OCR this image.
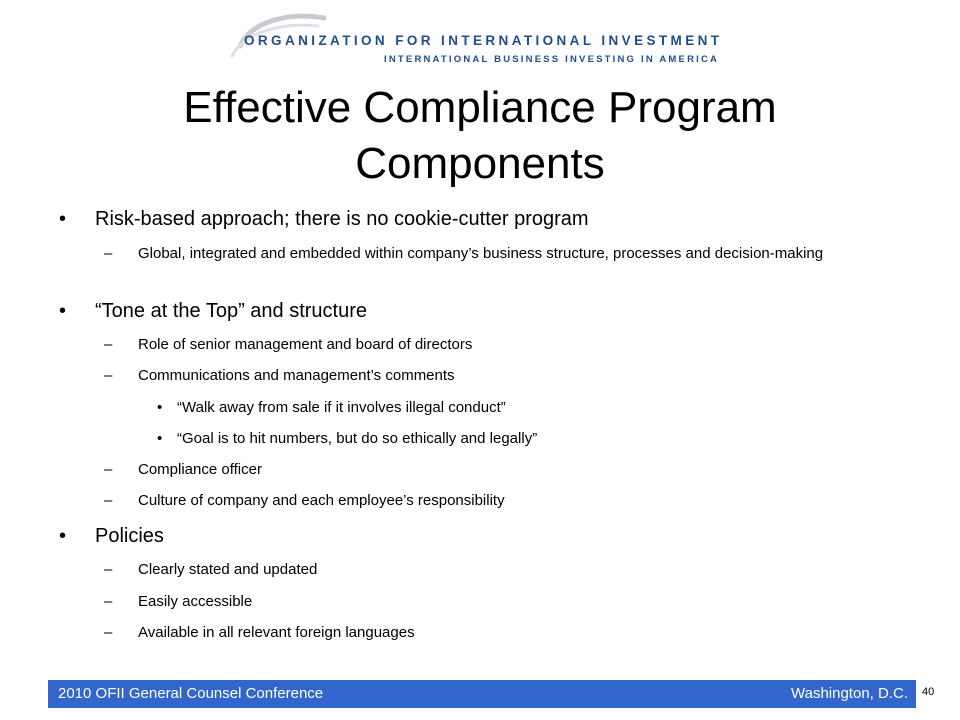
ORGANIZATION FOR INTERNATIONAL INVESTMENT
INTERNATIONAL BUSINESS INVESTING IN AMERICA
Effective Compliance Program
Components
• Risk-based approach; there is no cookie-cutter program
– Global, integrated and embedded within company’s business structure, processes and decision-making
• “Tone at the Top” and structure
– Role of senior management and board of directors
– Communications and management’s comments
• “Walk away from sale if it involves illegal conduct”
• “Goal is to hit numbers, but do so ethically and legally”
– Compliance officer
– Culture of company and each employee’s responsibility
• Policies
– Clearly stated and updated
– Easily accessible
– Available in all relevant foreign languages
2010 OFII General Counsel Conference	Washington, D.C. 40
